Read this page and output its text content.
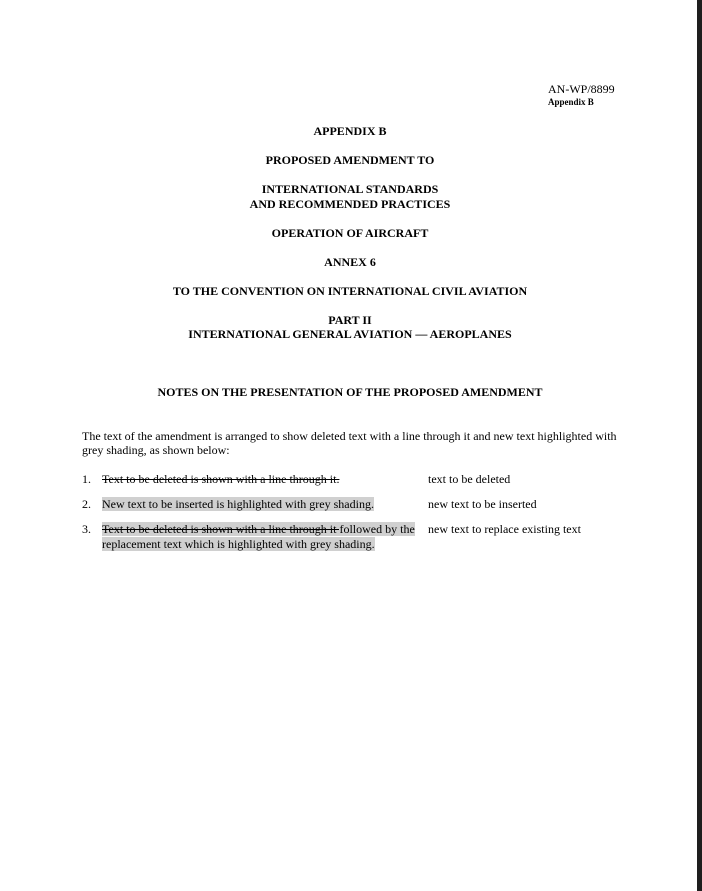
AN-WP/8899
Appendix B
APPENDIX B
PROPOSED AMENDMENT TO
INTERNATIONAL STANDARDS
AND RECOMMENDED PRACTICES
OPERATION OF AIRCRAFT
ANNEX 6
TO THE CONVENTION ON INTERNATIONAL CIVIL AVIATION
PART II
INTERNATIONAL GENERAL AVIATION — AEROPLANES
NOTES ON THE PRESENTATION OF THE PROPOSED AMENDMENT
The text of the amendment is arranged to show deleted text with a line through it and new text highlighted with grey shading, as shown below:
1. Text to be deleted is shown with a line through it.	text to be deleted
2. New text to be inserted is highlighted with grey shading.	new text to be inserted
3. Text to be deleted is shown with a line through it followed by the replacement text which is highlighted with grey shading.
new text to replace existing text
